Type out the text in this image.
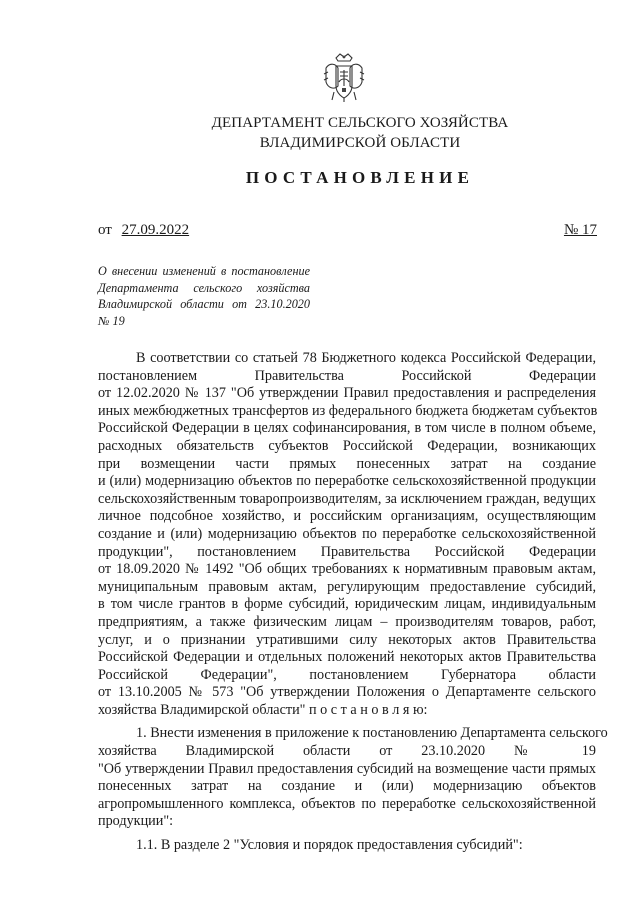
ДЕПАРТАМЕНТ СЕЛЬСКОГО ХОЗЯЙСТВА
ВЛАДИМИРСКОЙ ОБЛАСТИ
ПОСТАНОВЛЕНИЕ
от 27.09.2022	№ 17
О внесении изменений в постановление
Департамента сельского хозяйства
Владимирской области от 23.10.2020
№ 19
В соответствии со статьей 78 Бюджетного кодекса Российской Федерации,
постановлением Правительства Российской Федерации
от 12.02.2020 № 137 "Об утверждении Правил предоставления и распределения
иных межбюджетных трансфертов из федерального бюджета бюджетам субъектов
Российской Федерации в целях софинансирования, в том числе в полном объеме,
расходных обязательств субъектов Российской Федерации, возникающих
при возмещении части прямых понесенных затрат на создание
и (или) модернизацию объектов по переработке сельскохозяйственной продукции
сельскохозяйственным товаропроизводителям, за исключением граждан, ведущих
личное подсобное хозяйство, и российским организациям, осуществляющим
создание и (или) модернизацию объектов по переработке сельскохозяйственной
продукции", постановлением Правительства Российской Федерации
от 18.09.2020 № 1492 "Об общих требованиях к нормативным правовым актам,
муниципальным правовым актам, регулирующим предоставление субсидий,
в том числе грантов в форме субсидий, юридическим лицам, индивидуальным
предприятиям, а также физическим лицам – производителям товаров, работ,
услуг, и о признании утратившими силу некоторых актов Правительства
Российской Федерации и отдельных положений некоторых актов Правительства
Российской Федерации", постановлением Губернатора области
от 13.10.2005 № 573 "Об утверждении Положения о Департаменте сельского
хозяйства Владимирской области" п о с т а н о в л я ю:
1. Внести изменения в приложение к постановлению Департамента сельского
хозяйства Владимирской области от 23.10.2020 № 19
"Об утверждении Правил предоставления субсидий на возмещение части прямых
понесенных затрат на создание и (или) модернизацию объектов
агропромышленного комплекса, объектов по переработке сельскохозяйственной
продукции":
1.1. В разделе 2 "Условия и порядок предоставления субсидий":
